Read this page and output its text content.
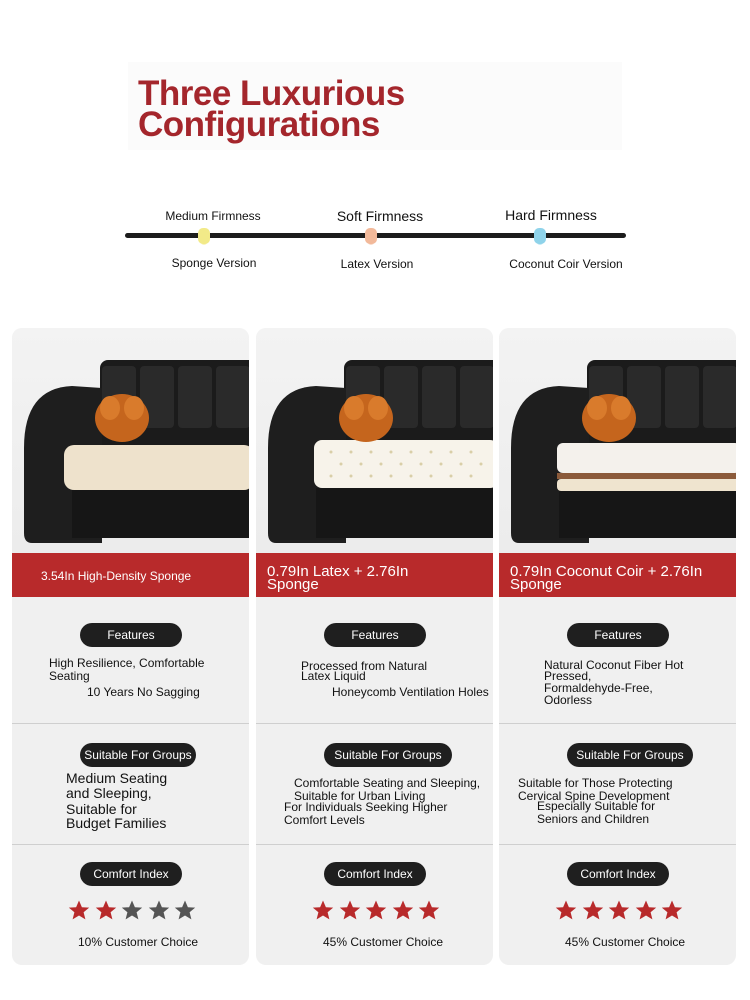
Three Luxurious
Configurations
Medium Firmness	Soft Firmness	Hard Firmness
Sponge Version	Latex Version	Coconut Coir Version
3.54In High-Density Sponge
Features
High Resilience, Comfortable
Seating
10 Years No Sagging
Suitable For Groups
Medium Seating
and Sleeping,
Suitable for
Budget Families
Comfort Index
10% Customer Choice
0.79In Latex + 2.76In
Sponge
Features
Processed from Natural
Latex Liquid
Honeycomb Ventilation Holes
Suitable For Groups
Comfortable Seating and Sleeping,
Suitable for Urban Living
For Individuals Seeking Higher
Comfort Levels
Comfort Index
45% Customer Choice
0.79In Coconut Coir + 2.76In
Sponge
Features
Natural Coconut Fiber Hot
Pressed,
Formaldehyde-Free,
Odorless
Suitable For Groups
Suitable for Those Protecting
Cervical Spine Development
Especially Suitable for
Seniors and Children
Comfort Index
45% Customer Choice
